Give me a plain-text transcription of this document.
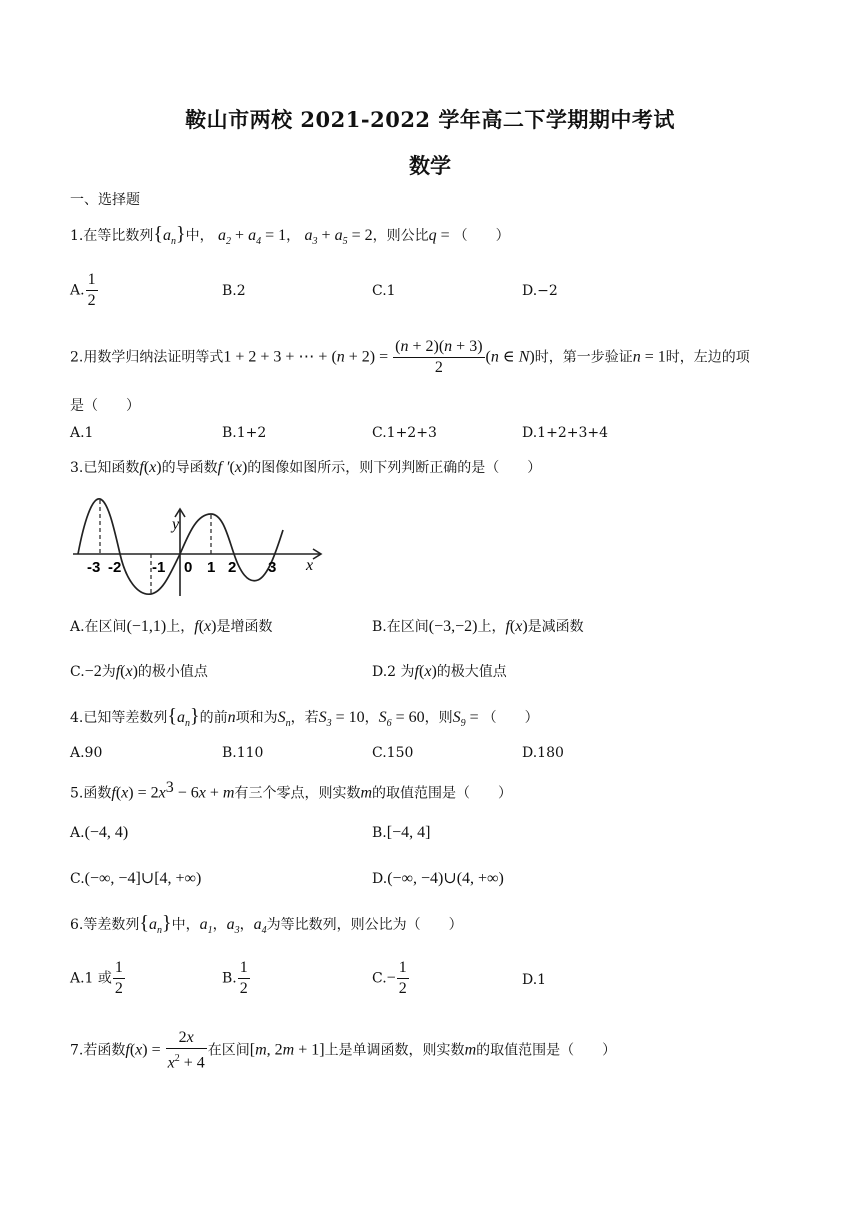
鞍山市两校 2021-2022 学年高二下学期期中考试
数学
一、选择题
1.在等比数列$\{a_n\}$中， $a_2 + a_4 = 1$， $a_3 + a_5 = 2$，则公比q = （　　）
A. $\frac{1}{2}$	B.2	C.1	D.−2
2.用数学归纳法证明等式1 + 2 + 3 + ⋯ + $(n + 2) = \frac{(n + 2)(n + 3)}{2} (n$ ∈ N)时，第一步验证n = 1时，左边的项
是（　　）
A.1	B.1+2	C.1+2+3	D.1+2+3+4
3.已知函数f(x)的导函数f ′(x)的图像如图所示，则下列判断正确的是（　　）
y
x
-3 -2 -1 0 1 2 3
A.在区间(−1,1)上，f(x)是增函数	B.在区间(−3,−2)上，f(x)是减函数
C.−2为f(x)的极小值点	D.2 为f(x)的极大值点
4.已知等差数列$\{a_n\}$的前n项和为$S_n$，若$S_3 = 10$，$S_6 = 60$，则$S_9$ = （　　）
A.90	B.110	C.150	D.180
5.函数$f(x) = 2x^3 - 6x + m$有三个零点，则实数m的取值范围是（　　）
A.(−4, 4)	B.[−4, 4]
C.(−∞, −4]∪[4, +∞)	D.(−∞, −4)∪(4, +∞)
6.等差数列$\{a_n\}$中，$a_1$，$a_3$，$a_4$为等比数列，则公比为（　　）
A.1 或 $\frac{1}{2}$	B. $\frac{1}{2}$	$C.- \frac{1}{2}$	D.1
7.若函数$f(x) = \frac{2x}{x^2 + 4}$ 在区间[m, 2m + 1]上是单调函数，则实数m的取值范围是（　　）
